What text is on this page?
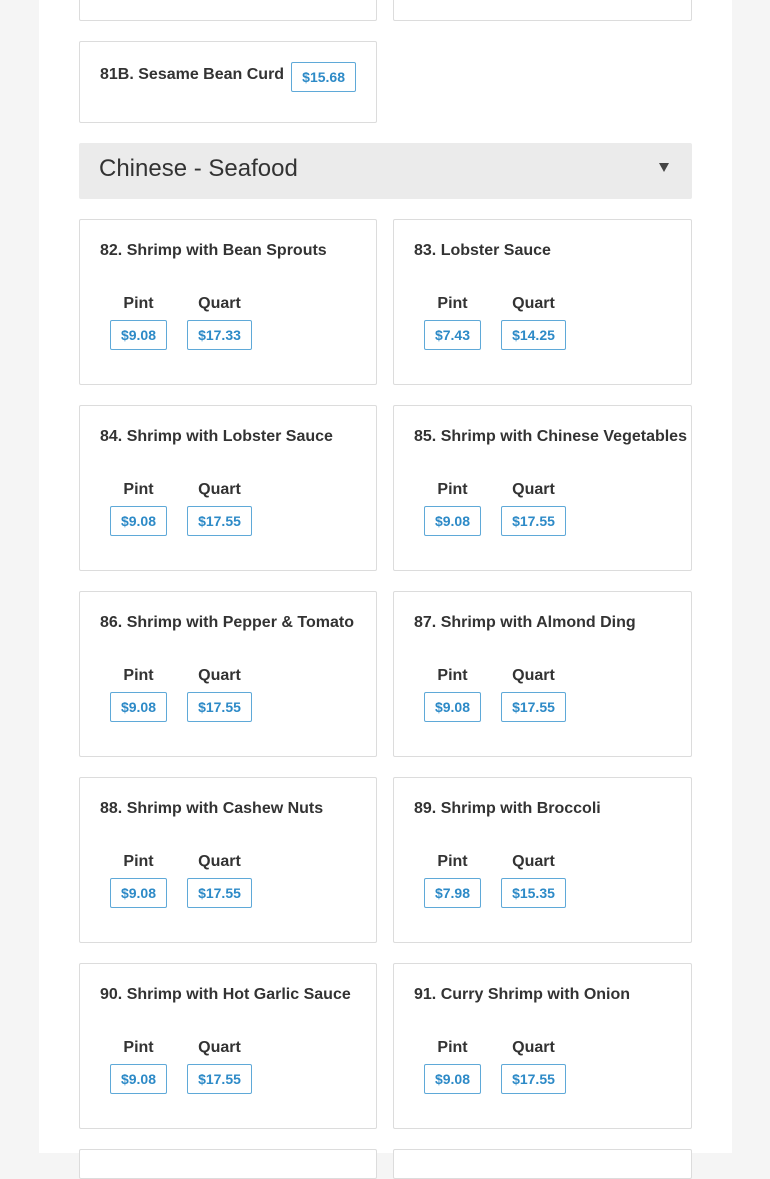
81B. Sesame Bean Curd	$15.68
Chinese - Seafood
82. Shrimp with Bean Sprouts
Pint	Quart
$9.08	$17.33
83. Lobster Sauce
Pint	Quart
$7.43	$14.25
84. Shrimp with Lobster Sauce
Pint	Quart
$9.08	$17.55
85. Shrimp with Chinese Vegetables
Pint	Quart
$9.08	$17.55
86. Shrimp with Pepper & Tomato
Pint	Quart
$9.08	$17.55
87. Shrimp with Almond Ding
Pint	Quart
$9.08	$17.55
88. Shrimp with Cashew Nuts
Pint	Quart
$9.08	$17.55
89. Shrimp with Broccoli
Pint	Quart
$7.98	$15.35
90. Shrimp with Hot Garlic Sauce
Pint	Quart
$9.08	$17.55
91. Curry Shrimp with Onion
Pint	Quart
$9.08	$17.55
